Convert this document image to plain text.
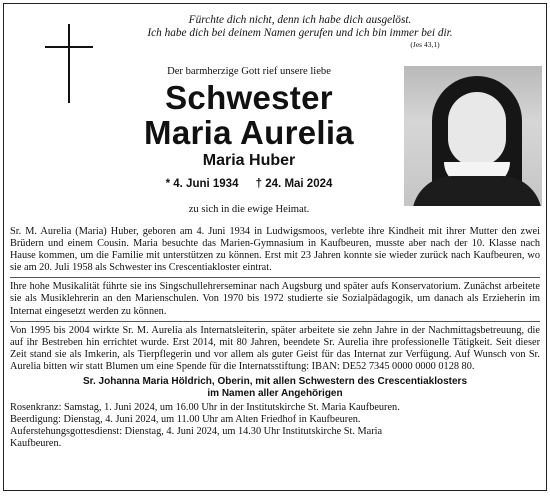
Fürchte dich nicht, denn ich habe dich ausgelöst.
Ich habe dich bei deinem Namen gerufen und ich bin immer bei dir.
(Jes 43,1)
Der barmherzige Gott rief unsere liebe
Schwester
Maria Aurelia
Maria Huber
* 4. Juni 1934 † 24. Mai 2024
zu sich in die ewige Heimat.

Sr. M. Aurelia (Maria) Huber, geboren am 4. Juni 1934 in Ludwigsmoos, verlebte ihre Kindheit mit ihrer Mutter den zwei Brüdern und einem Cousin. Maria besuchte das Marien-Gymnasium in Kaufbeuren, musste aber nach der 10. Klasse nach Hause kommen, um die Familie mit unterstützen zu können. Erst mit 23 Jahren konnte sie wieder zurück nach Kaufbeuren, wo sie am 20. Juli 1958 als Schwester ins Crescentiakloster eintrat.

Ihre hohe Musikalität führte sie ins Singschullehrerseminar nach Augsburg und später aufs Konservatorium. Zunächst arbeitete sie als Musiklehrerin an den Marienschulen. Von 1970 bis 1972 studierte sie Sozialpädagogik, um danach als Erzieherin im Internat eingesetzt werden zu können.

Von 1995 bis 2004 wirkte Sr. M. Aurelia als Internatsleiterin, später arbeitete sie zehn Jahre in der Nachmittagsbetreuung, die auf ihr Bestreben hin errichtet wurde. Erst 2014, mit 80 Jahren, beendete Sr. Aurelia ihre professionelle Tätigkeit. Seit dieser Zeit stand sie als Imkerin, als Tierpflegerin und vor allem als guter Geist für das Internat zur Verfügung. Auf Wunsch von Sr. Aurelia bitten wir statt Blumen um eine Spende für die Internatsstiftung: IBAN: DE52 7345 0000 0000 0128 80.

Sr. Johanna Maria Höldrich, Oberin, mit allen Schwestern des Crescentiaklosters
im Namen aller Angehörigen
Rosenkranz: Samstag, 1. Juni 2024, um 16.00 Uhr in der Institutskirche St. Maria Kaufbeuren.
Beerdigung: Dienstag, 4. Juni 2024, um 11.00 Uhr am Alten Friedhof in Kaufbeuren.
Auferstehungsgottesdienst: Dienstag, 4. Juni 2024, um 14.30 Uhr Institutskirche St. Maria
Kaufbeuren.
